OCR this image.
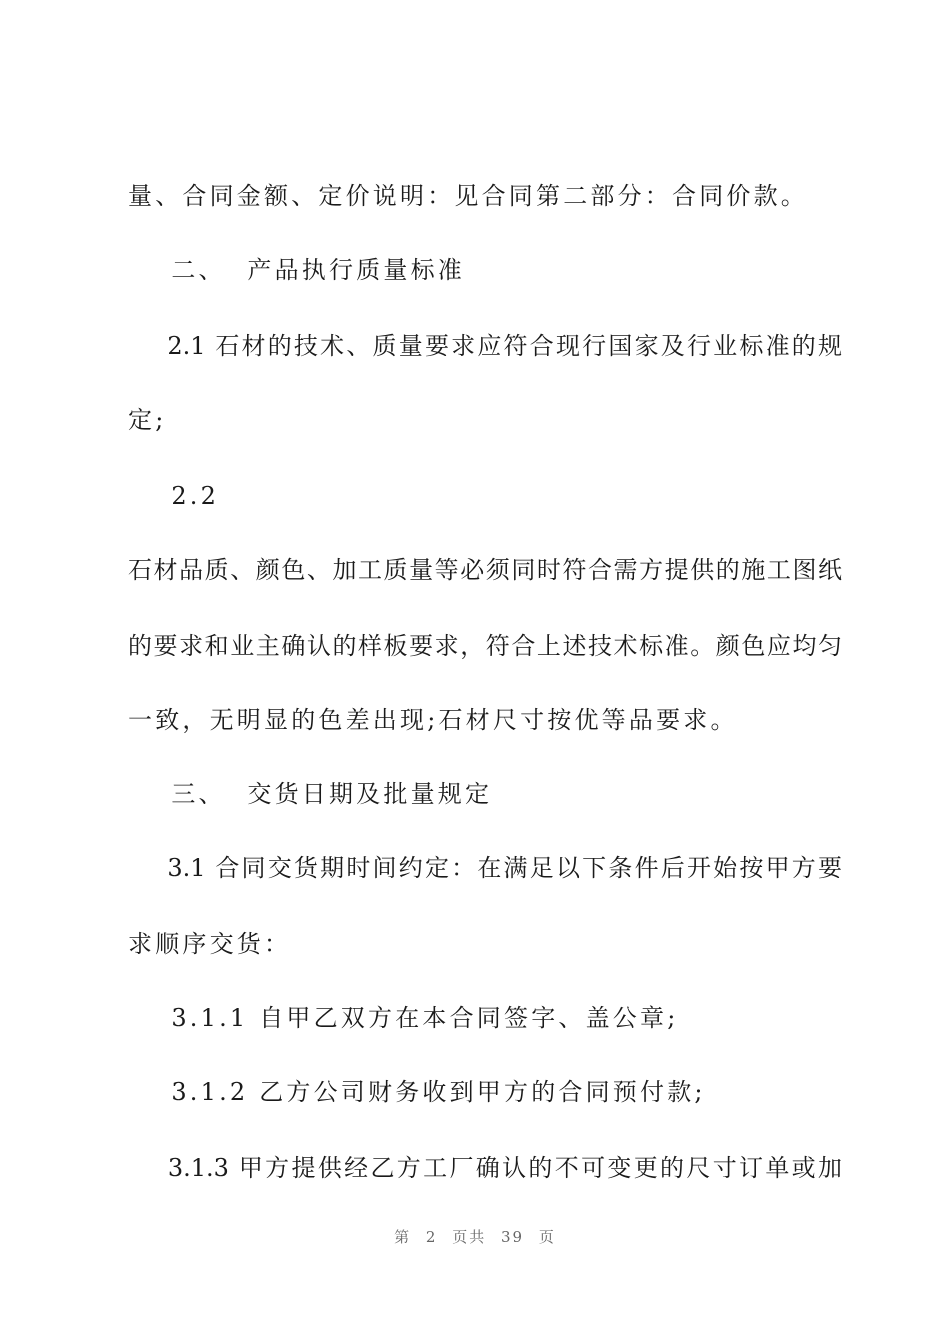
量、合同金额、定价说明：见合同第二部分：合同价款。
二、  产品执行质量标准
2.1 石材的技术、质量要求应符合现行国家及行业标准的规
定;
2.2
石材品质、颜色、加工质量等必须同时符合需方提供的施工图纸
的要求和业主确认的样板要求，符合上述技术标准。颜色应均匀
一致，无明显的色差出现;石材尺寸按优等品要求。
三、  交货日期及批量规定
3.1 合同交货期时间约定：在满足以下条件后开始按甲方要
求顺序交货：
3.1.1 自甲乙双方在本合同签字、盖公章;
3.1.2 乙方公司财务收到甲方的合同预付款;
3.1.3 甲方提供经乙方工厂确认的不可变更的尺寸订单或加
第 2 页共 39 页
